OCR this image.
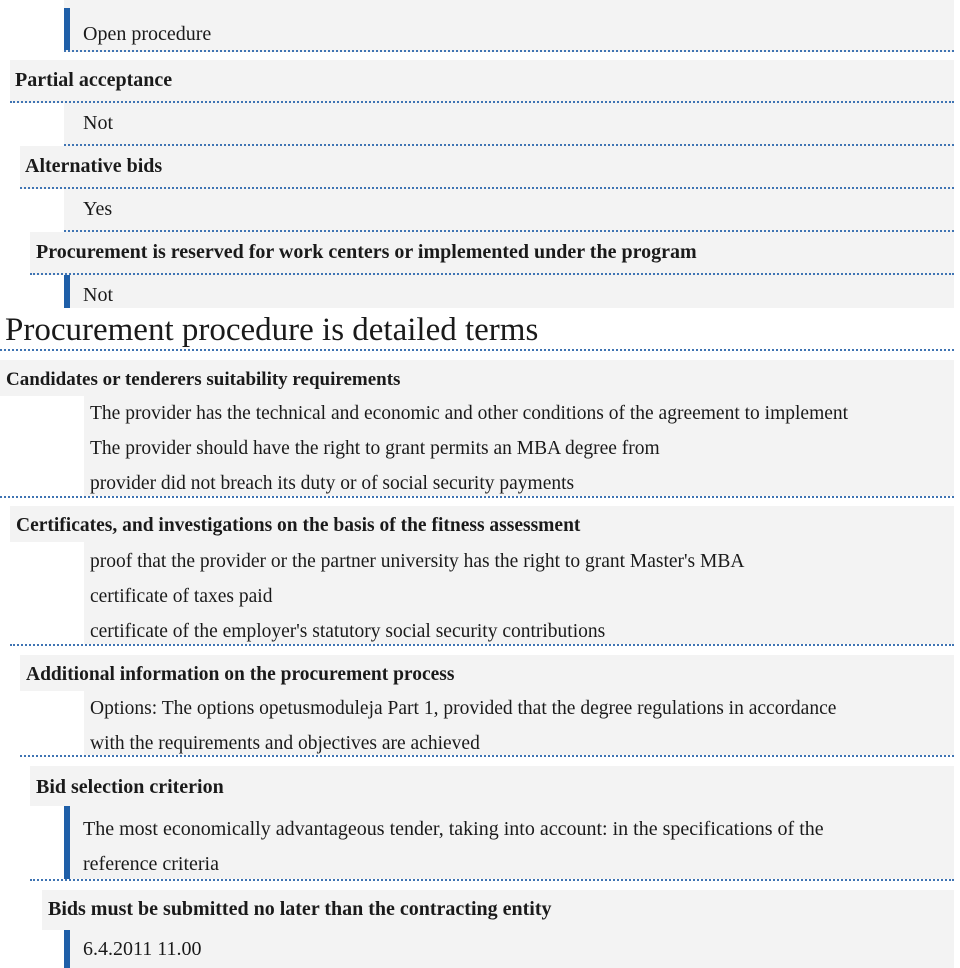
Open procedure
Partial acceptance
Not
Alternative bids
Yes
Procurement is reserved for work centers or implemented under the program
Not
Procurement procedure is detailed terms
Candidates or tenderers suitability requirements
The provider has the technical and economic and other conditions of the agreement to implement
The provider should have the right to grant permits an MBA degree from
provider did not breach its duty or of social security payments
Certificates, and investigations on the basis of the fitness assessment
proof that the provider or the partner university has the right to grant Master's MBA
certificate of taxes paid
certificate of the employer's statutory social security contributions
Additional information on the procurement process
Options: The options opetusmoduleja Part 1, provided that the degree regulations in accordance
with the requirements and objectives are achieved
Bid selection criterion
The most economically advantageous tender, taking into account: in the specifications of the
reference criteria
Bids must be submitted no later than the contracting entity
6.4.2011 11.00
